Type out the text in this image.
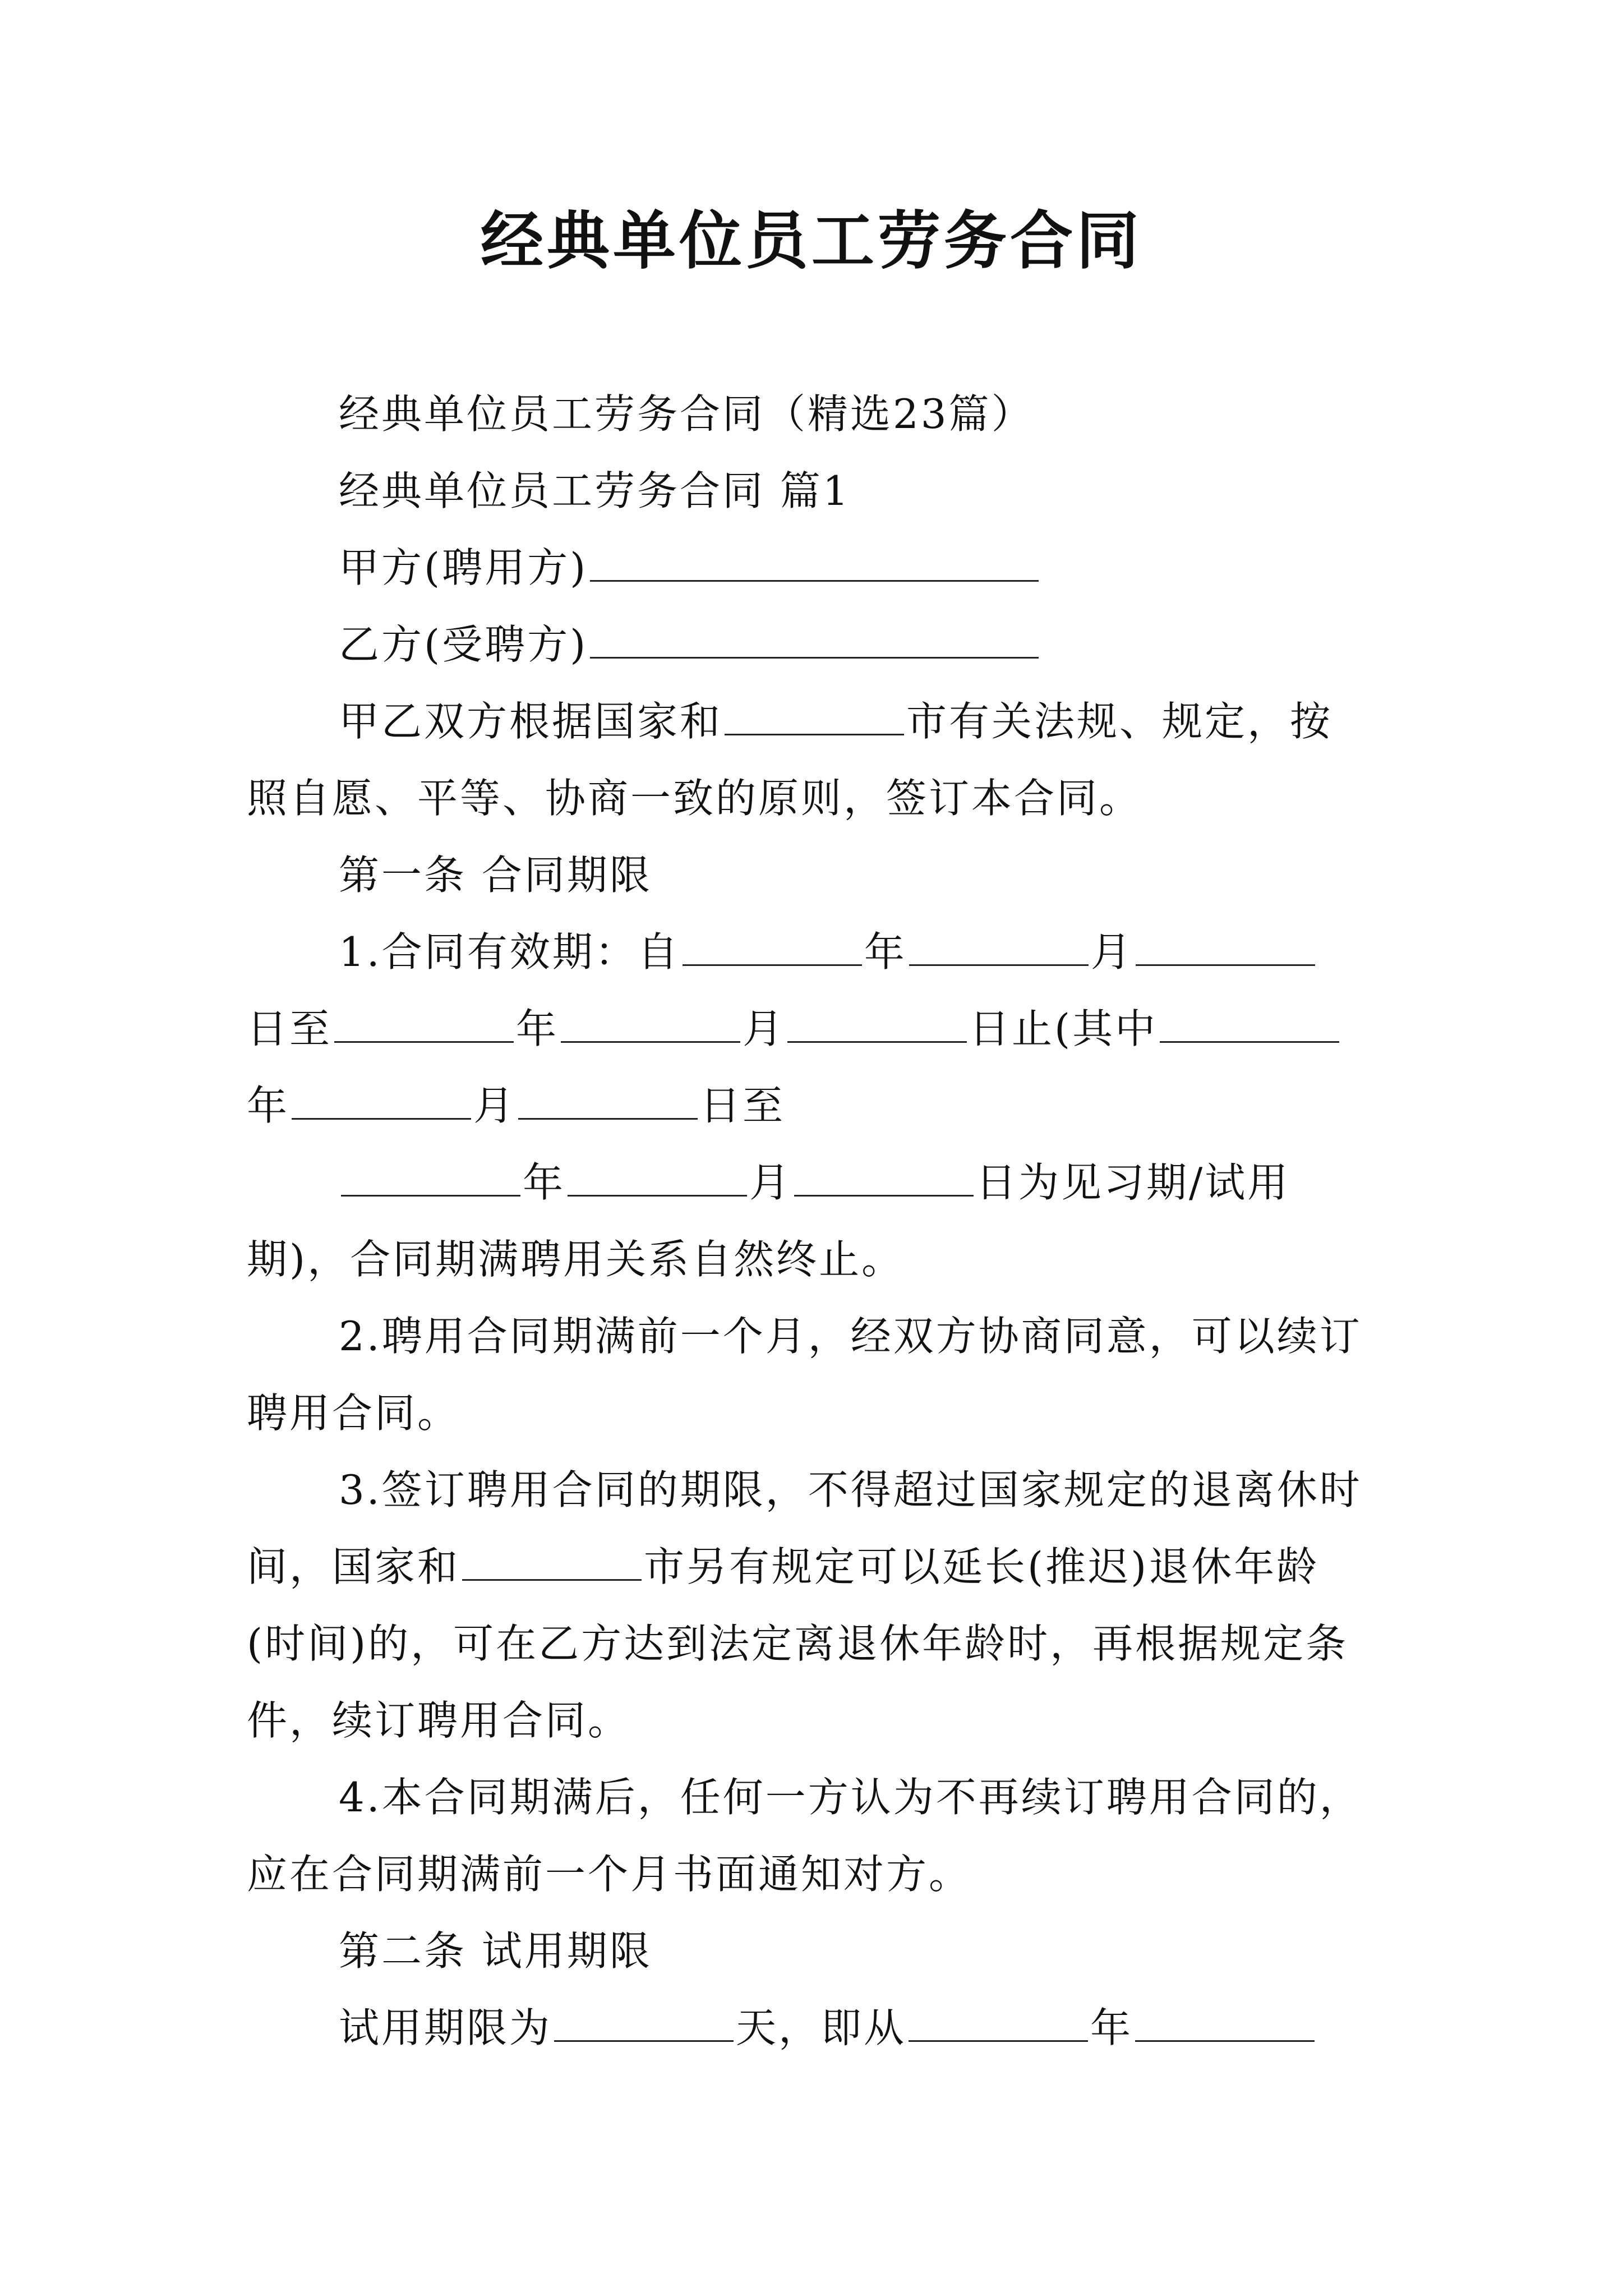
经典单位员工劳务合同
经典单位员工劳务合同（精选23篇）
经典单位员工劳务合同 篇1
甲方(聘用方)
乙方(受聘方)
甲乙双方根据国家和	市有关法规、规定，按
照自愿、平等、协商一致的原则，签订本合同。
第一条 合同期限
1.合同有效期：自	年	月
日至	年	月	日止(其中
年	月	日至
年	月	日为见习期/试用
期)，合同期满聘用关系自然终止。
2.聘用合同期满前一个月，经双方协商同意，可以续订
聘用合同。
3.签订聘用合同的期限，不得超过国家规定的退离休时
间，国家和	市另有规定可以延长(推迟)退休年龄
(时间)的，可在乙方达到法定离退休年龄时，再根据规定条
件，续订聘用合同。
4.本合同期满后，任何一方认为不再续订聘用合同的，
应在合同期满前一个月书面通知对方。
第二条 试用期限
试用期限为	天，即从	年
